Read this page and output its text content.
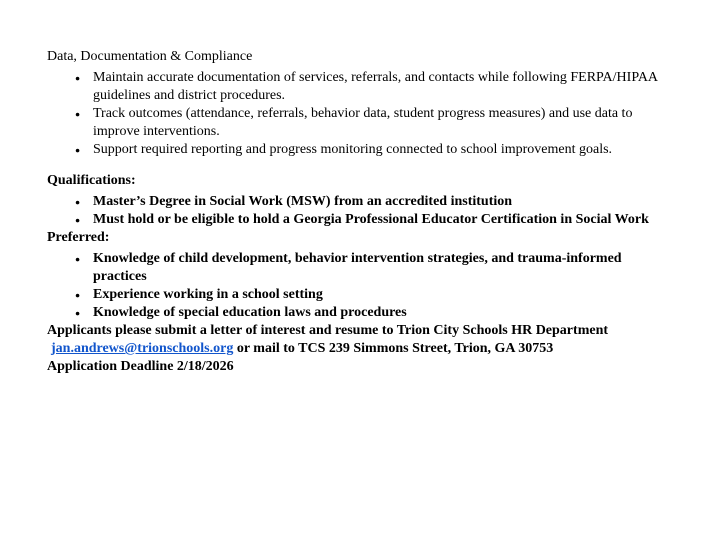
Data, Documentation & Compliance
● Maintain accurate documentation of services, referrals, and contacts while following FERPA/HIPAA guidelines and district procedures.
● Track outcomes (attendance, referrals, behavior data, student progress measures) and use data to improve interventions.
● Support required reporting and progress monitoring connected to school improvement goals.
Qualifications:
● Master’s Degree in Social Work (MSW) from an accredited institution
● Must hold or be eligible to hold a Georgia Professional Educator Certification in Social Work
Preferred:
● Knowledge of child development, behavior intervention strategies, and trauma-informed practices
● Experience working in a school setting
● Knowledge of special education laws and procedures

Applicants please submit a letter of interest and resume to Trion City Schools HR Department jan.andrews@trionschools.org or mail to TCS 239 Simmons Street, Trion, GA 30753

Application Deadline 2/18/2026
